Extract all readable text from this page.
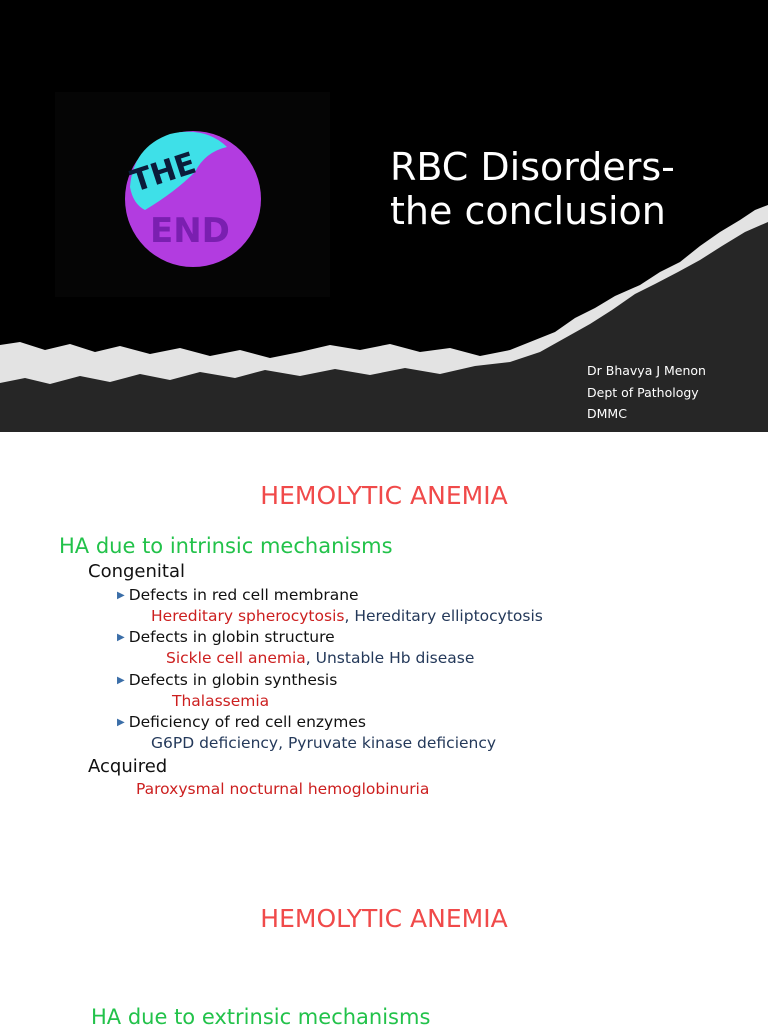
THE
END
RBC Disorders-
the conclusion
Dr Bhavya J Menon
Dept of Pathology
DMMC
HEMOLYTIC ANEMIA
HA due to intrinsic mechanisms
Congenital
▶ Defects in red cell membrane
Hereditary spherocytosis, Hereditary elliptocytosis
▶ Defects in globin structure
Sickle cell anemia, Unstable Hb disease
▶ Defects in globin synthesis
Thalassemia
▶ Deficiency of red cell enzymes
G6PD deficiency, Pyruvate kinase deficiency
Acquired
Paroxysmal nocturnal hemoglobinuria
HEMOLYTIC ANEMIA
HA due to extrinsic mechanisms
